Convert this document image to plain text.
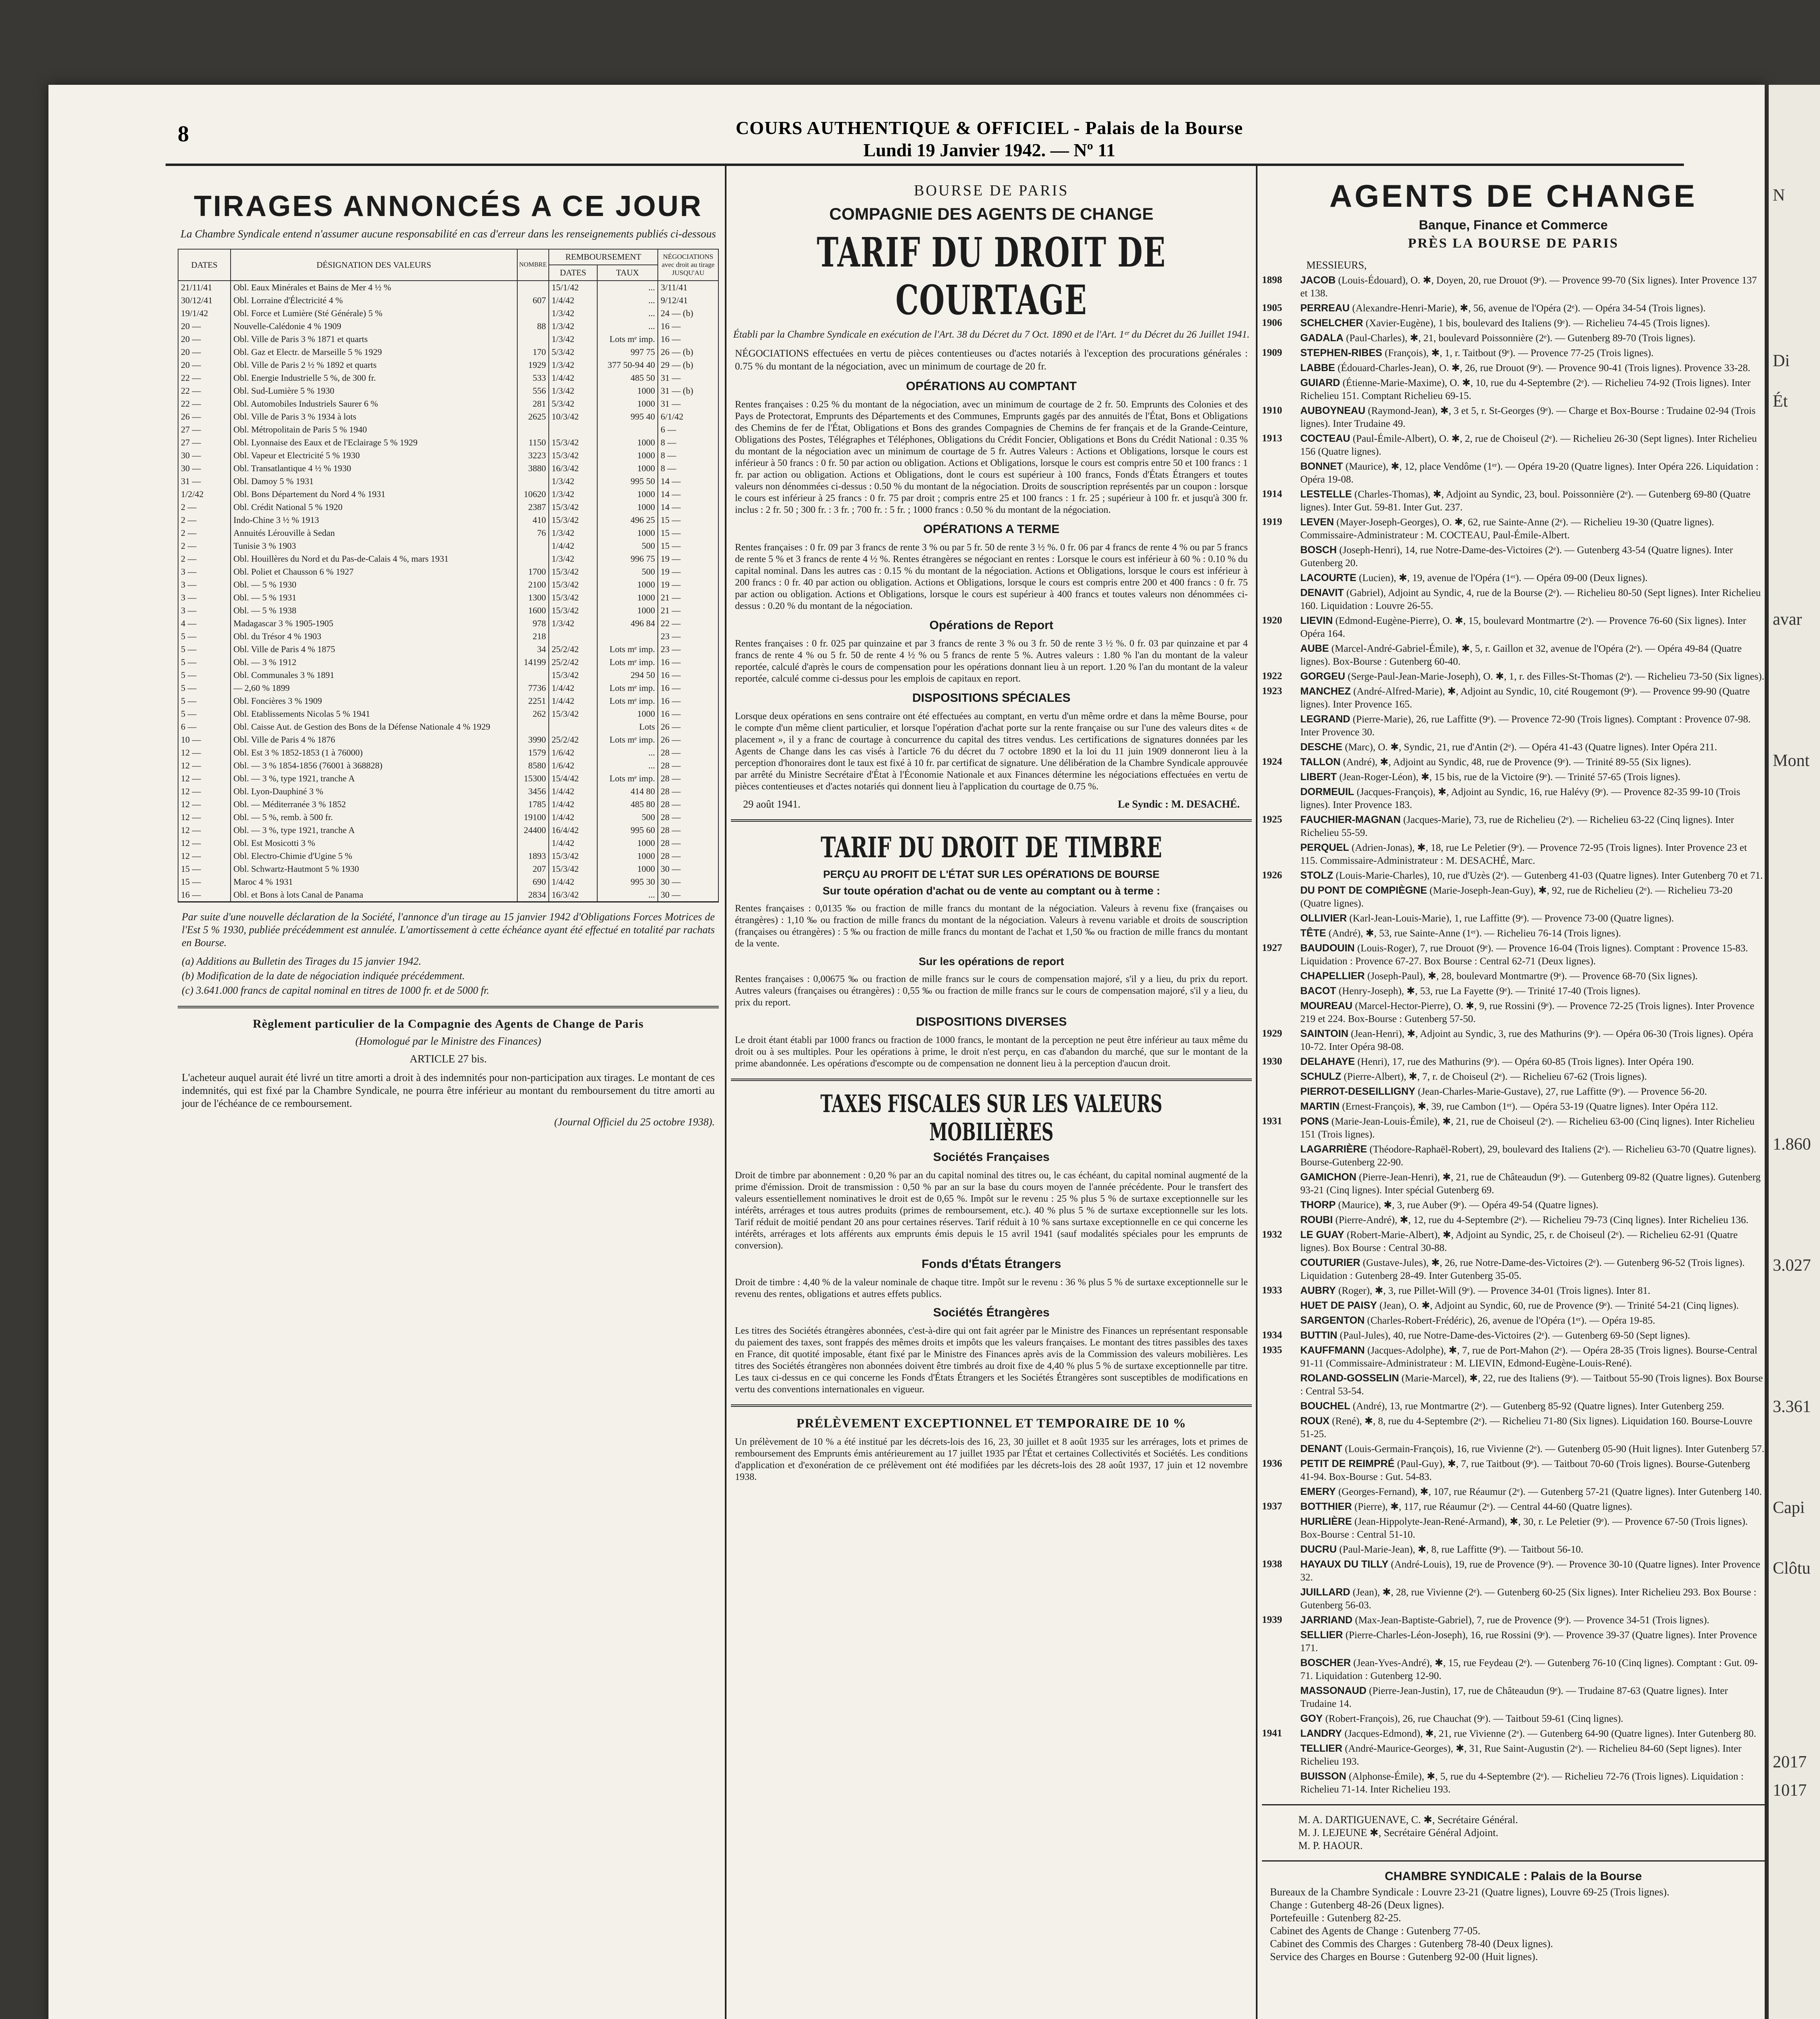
N
Di
Ét
avar
Mont
1.860
3.027
3.361
Capi
Clôtu
2017
1017
8	COURS AUTHENTIQUE & OFFICIEL - Palais de la Bourse
Lundi 19 Janvier 1942. — Nº 11
TIRAGES ANNONCÉS A CE JOUR
La Chambre Syndicale entend n'assumer aucune responsabilité en cas d'erreur dans les renseignements publiés ci-dessous
DATES	DÉSIGNATION DES VALEURS	NOMBRE	REMBOURSEMENT		NÉGOCIATIONS avec droit au tirage JUSQU'AU
			DATES	TAUX	
21/11/41	Obl. Eaux Minérales et Bains de Mer 4 ½ %		15/1/42	...	3/11/41
30/12/41	Obl. Lorraine d'Électricité 4 %	607	1/4/42	...	9/12/41
19/1/42	Obl. Force et Lumière (Sté Générale) 5 %		1/3/42	...	24 — (b)
20 —	Nouvelle-Calédonie 4 % 1909	88	1/3/42	...	16 —
20 —	Obl. Ville de Paris 3 % 1871 et quarts		1/3/42	Lots mᵉ imp.	16 —
20 —	Obl. Gaz et Electr. de Marseille 5 % 1929	170	5/3/42	997 75	26 — (b)
20 —	Obl. Ville de Paris 2 ½ % 1892 et quarts	1929	1/3/42	377 50-94 40	29 — (b)
22 —	Obl. Energie Industrielle 5 %, de 300 fr.	533	1/4/42	485 50	31 —
22 —	Obl. Sud-Lumière 5 % 1930	556	1/3/42	1000	31 — (b)
22 —	Obl. Automobiles Industriels Saurer 6 %	281	5/3/42	1000	31 —
26 —	Obl. Ville de Paris 3 % 1934 à lots	2625	10/3/42	995 40	6/1/42
27 —	Obl. Métropolitain de Paris 5 % 1940				6 —
27 —	Obl. Lyonnaise des Eaux et de l'Eclairage 5 % 1929	1150	15/3/42	1000	8 —
30 —	Obl. Vapeur et Electricité 5 % 1930	3223	15/3/42	1000	8 —
30 —	Obl. Transatlantique 4 ½ % 1930	3880	16/3/42	1000	8 —
31 —	Obl. Damoy 5 % 1931		1/3/42	995 50	14 —
1/2/42	Obl. Bons Département du Nord 4 % 1931	10620	1/3/42	1000	14 —
2 —	Obl. Crédit National 5 % 1920	2387	15/3/42	1000	14 —
2 —	Indo-Chine 3 ½ % 1913	410	15/3/42	496 25	15 —
2 —	Annuités Lérouville à Sedan	76	1/3/42	1000	15 —
2 —	Tunisie 3 % 1903		1/4/42	500	15 —
2 —	Obl. Houillères du Nord et du Pas-de-Calais 4 %, mars 1931		1/3/42	996 75	19 —
3 —	Obl. Poliet et Chausson 6 % 1927	1700	15/3/42	500	19 —
3 —	Obl. — 5 % 1930	2100	15/3/42	1000	19 —
3 —	Obl. — 5 % 1931	1300	15/3/42	1000	21 —
3 —	Obl. — 5 % 1938	1600	15/3/42	1000	21 —
4 —	Madagascar 3 % 1905-1905	978	1/3/42	496 84	22 —
5 —	Obl. du Trésor 4 % 1903	218			23 —
5 —	Obl. Ville de Paris 4 % 1875	34	25/2/42	Lots mᵉ imp.	23 —
5 —	Obl. — 3 % 1912	14199	25/2/42	Lots mᵉ imp.	16 —
5 —	Obl. Communales 3 % 1891		15/3/42	294 50	16 —
5 —	— 2,60 % 1899	7736	1/4/42	Lots mᵉ imp.	16 —
5 —	Obl. Foncières 3 % 1909	2251	1/4/42	Lots mᵉ imp.	16 —
5 —	Obl. Etablissements Nicolas 5 % 1941	262	15/3/42	1000	16 —
6 —	Obl. Caisse Aut. de Gestion des Bons de la Défense Nationale 4 % 1929			Lots	26 —
10 —	Obl. Ville de Paris 4 % 1876	3990	25/2/42	Lots mᵉ imp.	26 —
12 —	Obl. Est 3 % 1852-1853 (1 à 76000)	1579	1/6/42	...	28 —
12 —	Obl. — 3 % 1854-1856 (76001 à 368828)	8580	1/6/42	...	28 —
12 —	Obl. — 3 %, type 1921, tranche A	15300	15/4/42	Lots mᵉ imp.	28 —
12 —	Obl. Lyon-Dauphiné 3 %	3456	1/4/42	414 80	28 —
12 —	Obl. — Méditerranée 3 % 1852	1785	1/4/42	485 80	28 —
12 —	Obl. — 5 %, remb. à 500 fr.	19100	1/4/42	500	28 —
12 —	Obl. — 3 %, type 1921, tranche A	24400	16/4/42	995 60	28 —
12 —	Obl. Est Mosicotti 3 %		1/4/42	1000	28 —
12 —	Obl. Electro-Chimie d'Ugine 5 %	1893	15/3/42	1000	28 —
15 —	Obl. Schwartz-Hautmont 5 % 1930	207	15/3/42	1000	30 —
15 —	Maroc 4 % 1931	690	1/4/42	995 30	30 —
16 —	Obl. et Bons à lots Canal de Panama	2834	16/3/42	...	30 —
Par suite d'une nouvelle déclaration de la Société, l'annonce d'un tirage au 15 janvier 1942 d'Obligations Forces Motrices de l'Est 5 % 1930, publiée précédemment est annulée. L'amortissement à cette échéance ayant été effectué en totalité par rachats en Bourse.
(a) Additions au Bulletin des Tirages du 15 janvier 1942.
(b) Modification de la date de négociation indiquée précédemment.
(c) 3.641.000 francs de capital nominal en titres de 1000 fr. et de 5000 fr.
Règlement particulier de la Compagnie des Agents de Change de Paris
(Homologué par le Ministre des Finances)
ARTICLE 27 bis.
L'acheteur auquel aurait été livré un titre amorti a droit à des indemnités pour non-participation aux tirages. Le montant de ces indemnités, qui est fixé par la Chambre Syndicale, ne pourra être inférieur au montant du remboursement du titre amorti au jour de l'échéance de ce remboursement.
(Journal Officiel du 25 octobre 1938).
BOURSE DE PARIS
COMPAGNIE DES AGENTS DE CHANGE
TARIF DU DROIT DE COURTAGE
Établi par la Chambre Syndicale en exécution de l'Art. 38 du Décret du 7 Oct. 1890 et de l'Art. 1ᵉʳ du Décret du 26 Juillet 1941.
NÉGOCIATIONS effectuées en vertu de pièces contentieuses ou d'actes notariés à l'exception des procurations générales : 0.75 % du montant de la négociation, avec un minimum de courtage de 20 fr.
OPÉRATIONS AU COMPTANT
Rentes françaises : 0.25 % du montant de la négociation, avec un minimum de courtage de 2 fr. 50. Emprunts des Colonies et des Pays de Protectorat, Emprunts des Départements et des Communes, Emprunts gagés par des annuités de l'État, Bons et Obligations des Chemins de fer de l'État, Obligations et Bons des grandes Compagnies de Chemins de fer français et de la Grande-Ceinture, Obligations des Postes, Télégraphes et Téléphones, Obligations du Crédit Foncier, Obligations et Bons du Crédit National : 0.35 % du montant de la négociation avec un minimum de courtage de 5 fr. Autres Valeurs : Actions et Obligations, lorsque le cours est inférieur à 50 francs : 0 fr. 50 par action ou obligation. Actions et Obligations, lorsque le cours est compris entre 50 et 100 francs : 1 fr. par action ou obligation. Actions et Obligations, dont le cours est supérieur à 100 francs, Fonds d'États Étrangers et toutes valeurs non dénommées ci-dessus : 0.50 % du montant de la négociation. Droits de souscription représentés par un coupon : lorsque le cours est inférieur à 25 francs : 0 fr. 75 par droit ; compris entre 25 et 100 francs : 1 fr. 25 ; supérieur à 100 fr. et jusqu'à 300 fr. inclus : 2 fr. 50 ; 300 fr. : 3 fr. ; 700 fr. : 5 fr. ; 1000 francs : 0.50 % du montant de la négociation.
OPÉRATIONS A TERME
Rentes françaises : 0 fr. 09 par 3 francs de rente 3 % ou par 5 fr. 50 de rente 3 ½ %. 0 fr. 06 par 4 francs de rente 4 % ou par 5 francs de rente 5 % et 3 francs de rente 4 ½ %. Rentes étrangères se négociant en rentes : Lorsque le cours est inférieur à 60 % : 0.10 % du capital nominal. Dans les autres cas : 0.15 % du montant de la négociation. Actions et Obligations, lorsque le cours est inférieur à 200 francs : 0 fr. 40 par action ou obligation. Actions et Obligations, lorsque le cours est compris entre 200 et 400 francs : 0 fr. 75 par action ou obligation. Actions et Obligations, lorsque le cours est supérieur à 400 francs et toutes valeurs non dénommées ci-dessus : 0.20 % du montant de la négociation.
Opérations de Report
Rentes françaises : 0 fr. 025 par quinzaine et par 3 francs de rente 3 % ou 3 fr. 50 de rente 3 ½ %. 0 fr. 03 par quinzaine et par 4 francs de rente 4 % ou 5 fr. 50 de rente 4 ½ % ou 5 francs de rente 5 %. Autres valeurs : 1.80 % l'an du montant de la valeur reportée, calculé d'après le cours de compensation pour les opérations donnant lieu à un report. 1.20 % l'an du montant de la valeur reportée, calculé comme ci-dessus pour les emplois de capitaux en report.
DISPOSITIONS SPÉCIALES
Lorsque deux opérations en sens contraire ont été effectuées au comptant, en vertu d'un même ordre et dans la même Bourse, pour le compte d'un même client particulier, et lorsque l'opération d'achat porte sur la rente française ou sur l'une des valeurs dites « de placement », il y a franc de courtage à concurrence du capital des titres vendus. Les certifications de signatures données par les Agents de Change dans les cas visés à l'article 76 du décret du 7 octobre 1890 et la loi du 11 juin 1909 donneront lieu à la perception d'honoraires dont le taux est fixé à 10 fr. par certificat de signature. Une délibération de la Chambre Syndicale approuvée par arrêté du Ministre Secrétaire d'État à l'Économie Nationale et aux Finances détermine les négociations effectuées en vertu de pièces contentieuses et d'actes notariés qui donnent lieu à l'application du courtage de 0.75 %.
29 août 1941.	Le Syndic : M. DESACHÉ.
TARIF DU DROIT DE TIMBRE
PERÇU AU PROFIT DE L'ÉTAT SUR LES OPÉRATIONS DE BOURSE
Sur toute opération d'achat ou de vente au comptant ou à terme :
Rentes françaises : 0,0135 ‰ ou fraction de mille francs du montant de la négociation. Valeurs à revenu fixe (françaises ou étrangères) : 1,10 ‰ ou fraction de mille francs du montant de la négociation. Valeurs à revenu variable et droits de souscription (françaises ou étrangères) : 5 ‰ ou fraction de mille francs du montant de l'achat et 1,50 ‰ ou fraction de mille francs du montant de la vente.
Sur les opérations de report
Rentes françaises : 0,00675 ‰ ou fraction de mille francs sur le cours de compensation majoré, s'il y a lieu, du prix du report. Autres valeurs (françaises ou étrangères) : 0,55 ‰ ou fraction de mille francs sur le cours de compensation majoré, s'il y a lieu, du prix du report.
DISPOSITIONS DIVERSES
Le droit étant établi par 1000 francs ou fraction de 1000 francs, le montant de la perception ne peut être inférieur au taux même du droit ou à ses multiples. Pour les opérations à prime, le droit n'est perçu, en cas d'abandon du marché, que sur le montant de la prime abandonnée. Les opérations d'escompte ou de compensation ne donnent lieu à la perception d'aucun droit.
TAXES FISCALES SUR LES VALEURS MOBILIÈRES
Sociétés Françaises
Droit de timbre par abonnement : 0,20 % par an du capital nominal des titres ou, le cas échéant, du capital nominal augmenté de la prime d'émission. Droit de transmission : 0,50 % par an sur la base du cours moyen de l'année précédente. Pour le transfert des valeurs essentiellement nominatives le droit est de 0,65 %. Impôt sur le revenu : 25 % plus 5 % de surtaxe exceptionnelle sur les intérêts, arrérages et tous autres produits (primes de remboursement, etc.). 40 % plus 5 % de surtaxe exceptionnelle sur les lots. Tarif réduit de moitié pendant 20 ans pour certaines réserves. Tarif réduit à 10 % sans surtaxe exceptionnelle en ce qui concerne les intérêts, arrérages et lots afférents aux emprunts émis depuis le 15 avril 1941 (sauf modalités spéciales pour les emprunts de conversion).
Fonds d'États Étrangers
Droit de timbre : 4,40 % de la valeur nominale de chaque titre. Impôt sur le revenu : 36 % plus 5 % de surtaxe exceptionnelle sur le revenu des rentes, obligations et autres effets publics.
Sociétés Étrangères
Les titres des Sociétés étrangères abonnées, c'est-à-dire qui ont fait agréer par le Ministre des Finances un représentant responsable du paiement des taxes, sont frappés des mêmes droits et impôts que les valeurs françaises. Le montant des titres passibles des taxes en France, dit quotité imposable, étant fixé par le Ministre des Finances après avis de la Commission des valeurs mobilières. Les titres des Sociétés étrangères non abonnées doivent être timbrés au droit fixe de 4,40 % plus 5 % de surtaxe exceptionnelle par titre. Les taux ci-dessus en ce qui concerne les Fonds d'États Étrangers et les Sociétés Étrangères sont susceptibles de modifications en vertu des conventions internationales en vigueur.
PRÉLÈVEMENT EXCEPTIONNEL ET TEMPORAIRE DE 10 %
Un prélèvement de 10 % a été institué par les décrets-lois des 16, 23, 30 juillet et 8 août 1935 sur les arrérages, lots et primes de remboursement des Emprunts émis antérieurement au 17 juillet 1935 par l'État et certaines Collectivités et Sociétés. Les conditions d'application et d'exonération de ce prélèvement ont été modifiées par les décrets-lois des 28 août 1937, 17 juin et 12 novembre 1938.
AGENTS DE CHANGE
Banque, Finance et Commerce
PRÈS LA BOURSE DE PARIS
MESSIEURS,
1898	JACOB (Louis-Édouard), O. ✱, Doyen, 20, rue Drouot (9ᵉ). — Provence 99-70 (Six lignes). Inter Provence 137 et 138.
1905	PERREAU (Alexandre-Henri-Marie), ✱, 56, avenue de l'Opéra (2ᵉ). — Opéra 34-54 (Trois lignes).
1906	SCHELCHER (Xavier-Eugène), 1 bis, boulevard des Italiens (9ᵉ). — Richelieu 74-45 (Trois lignes).
GADALA (Paul-Charles), ✱, 21, boulevard Poissonnière (2ᵉ). — Gutenberg 89-70 (Trois lignes).
1909	STEPHEN-RIBES (François), ✱, 1, r. Taitbout (9ᵉ). — Provence 77-25 (Trois lignes).
LABBE (Édouard-Charles-Jean), O. ✱, 26, rue Drouot (9ᵉ). — Provence 90-41 (Trois lignes). Provence 33-28.
GUIARD (Étienne-Marie-Maxime), O. ✱, 10, rue du 4-Septembre (2ᵉ). — Richelieu 74-92 (Trois lignes). Inter Richelieu 151. Comptant Richelieu 69-15.
1910	AUBOYNEAU (Raymond-Jean), ✱, 3 et 5, r. St-Georges (9ᵉ). — Charge et Box-Bourse : Trudaine 02-94 (Trois lignes). Inter Trudaine 49.
1913	COCTEAU (Paul-Émile-Albert), O. ✱, 2, rue de Choiseul (2ᵉ). — Richelieu 26-30 (Sept lignes). Inter Richelieu 156 (Quatre lignes).
BONNET (Maurice), ✱, 12, place Vendôme (1ᵉʳ). — Opéra 19-20 (Quatre lignes). Inter Opéra 226. Liquidation : Opéra 19-08.
1914	LESTELLE (Charles-Thomas), ✱, Adjoint au Syndic, 23, boul. Poissonnière (2ᵉ). — Gutenberg 69-80 (Quatre lignes). Inter Gut. 59-81. Inter Gut. 237.
1919	LEVEN (Mayer-Joseph-Georges), O. ✱, 62, rue Sainte-Anne (2ᵉ). — Richelieu 19-30 (Quatre lignes). Commissaire-Administrateur : M. COCTEAU, Paul-Émile-Albert.
BOSCH (Joseph-Henri), 14, rue Notre-Dame-des-Victoires (2ᵉ). — Gutenberg 43-54 (Quatre lignes). Inter Gutenberg 20.
LACOURTE (Lucien), ✱, 19, avenue de l'Opéra (1ᵉʳ). — Opéra 09-00 (Deux lignes).
DENAVIT (Gabriel), Adjoint au Syndic, 4, rue de la Bourse (2ᵉ). — Richelieu 80-50 (Sept lignes). Inter Richelieu 160. Liquidation : Louvre 26-55.
1920	LIEVIN (Edmond-Eugène-Pierre), O. ✱, 15, boulevard Montmartre (2ᵉ). — Provence 76-60 (Six lignes). Inter Opéra 164.
AUBE (Marcel-André-Gabriel-Émile), ✱, 5, r. Gaillon et 32, avenue de l'Opéra (2ᵉ). — Opéra 49-84 (Quatre lignes). Box-Bourse : Gutenberg 60-40.
1922	GORGEU (Serge-Paul-Jean-Marie-Joseph), O. ✱, 1, r. des Filles-St-Thomas (2ᵉ). — Richelieu 73-50 (Six lignes).
1923	MANCHEZ (André-Alfred-Marie), ✱, Adjoint au Syndic, 10, cité Rougemont (9ᵉ). — Provence 99-90 (Quatre lignes). Inter Provence 165.
LEGRAND (Pierre-Marie), 26, rue Laffitte (9ᵉ). — Provence 72-90 (Trois lignes). Comptant : Provence 07-98. Inter Provence 30.
DESCHE (Marc), O. ✱, Syndic, 21, rue d'Antin (2ᵉ). — Opéra 41-43 (Quatre lignes). Inter Opéra 211.
1924	TALLON (André), ✱, Adjoint au Syndic, 48, rue de Provence (9ᵉ). — Trinité 89-55 (Six lignes).
LIBERT (Jean-Roger-Léon), ✱, 15 bis, rue de la Victoire (9ᵉ). — Trinité 57-65 (Trois lignes).
DORMEUIL (Jacques-François), ✱, Adjoint au Syndic, 16, rue Halévy (9ᵉ). — Provence 82-35 99-10 (Trois lignes). Inter Provence 183.
1925	FAUCHIER-MAGNAN (Jacques-Marie), 73, rue de Richelieu (2ᵉ). — Richelieu 63-22 (Cinq lignes). Inter Richelieu 55-59.
PERQUEL (Adrien-Jonas), ✱, 18, rue Le Peletier (9ᵉ). — Provence 72-95 (Trois lignes). Inter Provence 23 et 115. Commissaire-Administrateur : M. DESACHÉ, Marc.
1926	STOLZ (Louis-Marie-Charles), 10, rue d'Uzès (2ᵉ). — Gutenberg 41-03 (Quatre lignes). Inter Gutenberg 70 et 71.
DU PONT DE COMPIÈGNE (Marie-Joseph-Jean-Guy), ✱, 92, rue de Richelieu (2ᵉ). — Richelieu 73-20 (Quatre lignes).
OLLIVIER (Karl-Jean-Louis-Marie), 1, rue Laffitte (9ᵉ). — Provence 73-00 (Quatre lignes).
TÊTE (André), ✱, 53, rue Sainte-Anne (1ᵉʳ). — Richelieu 76-14 (Trois lignes).
1927	BAUDOUIN (Louis-Roger), 7, rue Drouot (9ᵉ). — Provence 16-04 (Trois lignes). Comptant : Provence 15-83. Liquidation : Provence 67-27. Box Bourse : Central 62-71 (Deux lignes).
CHAPELLIER (Joseph-Paul), ✱, 28, boulevard Montmartre (9ᵉ). — Provence 68-70 (Six lignes).
BACOT (Henry-Joseph), ✱, 53, rue La Fayette (9ᵉ). — Trinité 17-40 (Trois lignes).
MOUREAU (Marcel-Hector-Pierre), O. ✱, 9, rue Rossini (9ᵉ). — Provence 72-25 (Trois lignes). Inter Provence 219 et 224. Box-Bourse : Gutenberg 57-50.
1929	SAINTOIN (Jean-Henri), ✱, Adjoint au Syndic, 3, rue des Mathurins (9ᵉ). — Opéra 06-30 (Trois lignes). Opéra 10-72. Inter Opéra 98-08.
1930	DELAHAYE (Henri), 17, rue des Mathurins (9ᵉ). — Opéra 60-85 (Trois lignes). Inter Opéra 190.
SCHULZ (Pierre-Albert), ✱, 7, r. de Choiseul (2ᵉ). — Richelieu 67-62 (Trois lignes).
PIERROT-DESEILLIGNY (Jean-Charles-Marie-Gustave), 27, rue Laffitte (9ᵉ). — Provence 56-20.
MARTIN (Ernest-François), ✱, 39, rue Cambon (1ᵉʳ). — Opéra 53-19 (Quatre lignes). Inter Opéra 112.
1931	PONS (Marie-Jean-Louis-Émile), ✱, 21, rue de Choiseul (2ᵉ). — Richelieu 63-00 (Cinq lignes). Inter Richelieu 151 (Trois lignes).
LAGARRIÈRE (Théodore-Raphaël-Robert), 29, boulevard des Italiens (2ᵉ). — Richelieu 63-70 (Quatre lignes). Bourse-Gutenberg 22-90.
GAMICHON (Pierre-Jean-Henri), ✱, 21, rue de Châteaudun (9ᵉ). — Gutenberg 09-82 (Quatre lignes). Gutenberg 93-21 (Cinq lignes). Inter spécial Gutenberg 69.
THORP (Maurice), ✱, 3, rue Auber (9ᵉ). — Opéra 49-54 (Quatre lignes).
ROUBI (Pierre-André), ✱, 12, rue du 4-Septembre (2ᵉ). — Richelieu 79-73 (Cinq lignes). Inter Richelieu 136.
1932	LE GUAY (Robert-Marie-Albert), ✱, Adjoint au Syndic, 25, r. de Choiseul (2ᵉ). — Richelieu 62-91 (Quatre lignes). Box Bourse : Central 30-88.
COUTURIER (Gustave-Jules), ✱, 26, rue Notre-Dame-des-Victoires (2ᵉ). — Gutenberg 96-52 (Trois lignes). Liquidation : Gutenberg 28-49. Inter Gutenberg 35-05.
1933	AUBRY (Roger), ✱, 3, rue Pillet-Will (9ᵉ). — Provence 34-01 (Trois lignes). Inter 81.
HUET DE PAISY (Jean), O. ✱, Adjoint au Syndic, 60, rue de Provence (9ᵉ). — Trinité 54-21 (Cinq lignes).
SARGENTON (Charles-Robert-Frédéric), 26, avenue de l'Opéra (1ᵉʳ). — Opéra 19-85.
1934	BUTTIN (Paul-Jules), 40, rue Notre-Dame-des-Victoires (2ᵉ). — Gutenberg 69-50 (Sept lignes).
1935	KAUFFMANN (Jacques-Adolphe), ✱, 7, rue de Port-Mahon (2ᵉ). — Opéra 28-35 (Trois lignes). Bourse-Central 91-11 (Commissaire-Administrateur : M. LIEVIN, Edmond-Eugène-Louis-René).
ROLAND-GOSSELIN (Marie-Marcel), ✱, 22, rue des Italiens (9ᵉ). — Taitbout 55-90 (Trois lignes). Box Bourse : Central 53-54.
BOUCHEL (André), 13, rue Montmartre (2ᵉ). — Gutenberg 85-92 (Quatre lignes). Inter Gutenberg 259.
ROUX (René), ✱, 8, rue du 4-Septembre (2ᵉ). — Richelieu 71-80 (Six lignes). Liquidation 160. Bourse-Louvre 51-25.
DENANT (Louis-Germain-François), 16, rue Vivienne (2ᵉ). — Gutenberg 05-90 (Huit lignes). Inter Gutenberg 57.
1936	PETIT DE REIMPRÉ (Paul-Guy), ✱, 7, rue Taitbout (9ᵉ). — Taitbout 70-60 (Trois lignes). Bourse-Gutenberg 41-94. Box-Bourse : Gut. 54-83.
EMERY (Georges-Fernand), ✱, 107, rue Réaumur (2ᵉ). — Gutenberg 57-21 (Quatre lignes). Inter Gutenberg 140.
1937	BOTTHIER (Pierre), ✱, 117, rue Réaumur (2ᵉ). — Central 44-60 (Quatre lignes).
HURLIÈRE (Jean-Hippolyte-Jean-René-Armand), ✱, 30, r. Le Peletier (9ᵉ). — Provence 67-50 (Trois lignes). Box-Bourse : Central 51-10.
DUCRU (Paul-Marie-Jean), ✱, 8, rue Laffitte (9ᵉ). — Taitbout 56-10.
1938	HAYAUX DU TILLY (André-Louis), 19, rue de Provence (9ᵉ). — Provence 30-10 (Quatre lignes). Inter Provence 32.
JUILLARD (Jean), ✱, 28, rue Vivienne (2ᵉ). — Gutenberg 60-25 (Six lignes). Inter Richelieu 293. Box Bourse : Gutenberg 56-03.
1939	JARRIAND (Max-Jean-Baptiste-Gabriel), 7, rue de Provence (9ᵉ). — Provence 34-51 (Trois lignes).
SELLIER (Pierre-Charles-Léon-Joseph), 16, rue Rossini (9ᵉ). — Provence 39-37 (Quatre lignes). Inter Provence 171.
BOSCHER (Jean-Yves-André), ✱, 15, rue Feydeau (2ᵉ). — Gutenberg 76-10 (Cinq lignes). Comptant : Gut. 09-71. Liquidation : Gutenberg 12-90.
MASSONAUD (Pierre-Jean-Justin), 17, rue de Châteaudun (9ᵉ). — Trudaine 87-63 (Quatre lignes). Inter Trudaine 14.
GOY (Robert-François), 26, rue Chauchat (9ᵉ). — Taitbout 59-61 (Cinq lignes).
1941	LANDRY (Jacques-Edmond), ✱, 21, rue Vivienne (2ᵉ). — Gutenberg 64-90 (Quatre lignes). Inter Gutenberg 80.
TELLIER (André-Maurice-Georges), ✱, 31, Rue Saint-Augustin (2ᵉ). — Richelieu 84-60 (Sept lignes). Inter Richelieu 193.
BUISSON (Alphonse-Émile), ✱, 5, rue du 4-Septembre (2ᵉ). — Richelieu 72-76 (Trois lignes). Liquidation : Richelieu 71-14. Inter Richelieu 193.
M. A. DARTIGUENAVE, C. ✱, Secrétaire Général.
M. J. LEJEUNE ✱, Secrétaire Général Adjoint.
M. P. HAOUR.
CHAMBRE SYNDICALE : Palais de la Bourse
Bureaux de la Chambre Syndicale : Louvre 23-21 (Quatre lignes), Louvre 69-25 (Trois lignes).
Change : Gutenberg 48-26 (Deux lignes).
Portefeuille : Gutenberg 82-25.
Cabinet des Agents de Change : Gutenberg 77-05.
Cabinet des Commis des Charges : Gutenberg 78-40 (Deux lignes).
Service des Charges en Bourse : Gutenberg 92-00 (Huit lignes).
